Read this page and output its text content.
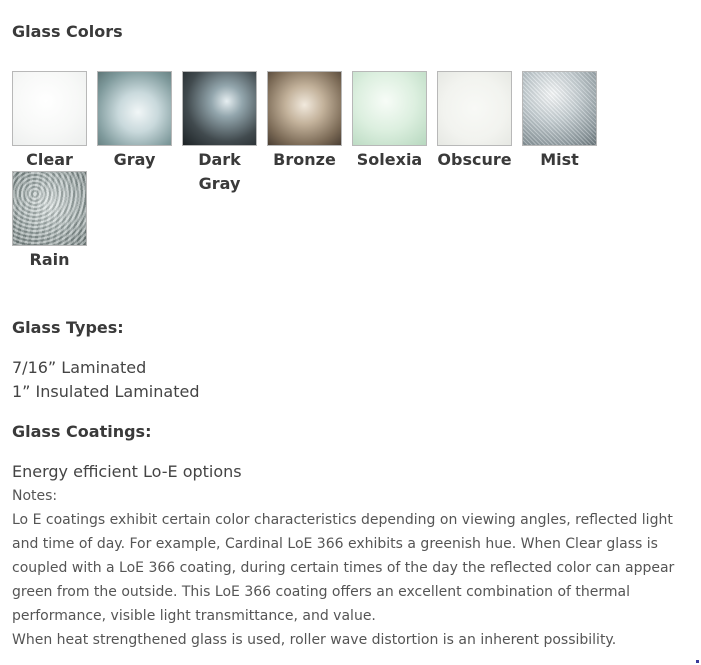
Glass Colors
Clear	Gray	Dark Gray
Bronze	Solexia Obscure	Mist
Rain
Glass Types:
7/16” Laminated
1” Insulated Laminated
Glass Coatings:
Energy efficient Lo-E options

Notes:

Lo E coatings exhibit certain color characteristics depending on viewing angles, reflected light and time of day. For example, Cardinal LoE 366 exhibits a greenish hue. When Clear glass is coupled with a LoE 366 coating, during certain times of the day the reflected color can appear green from the outside. This LoE 366 coating offers an excellent combination of thermal performance, visible light transmittance, and value.

When heat strengthened glass is used, roller wave distortion is an inherent possibility.
